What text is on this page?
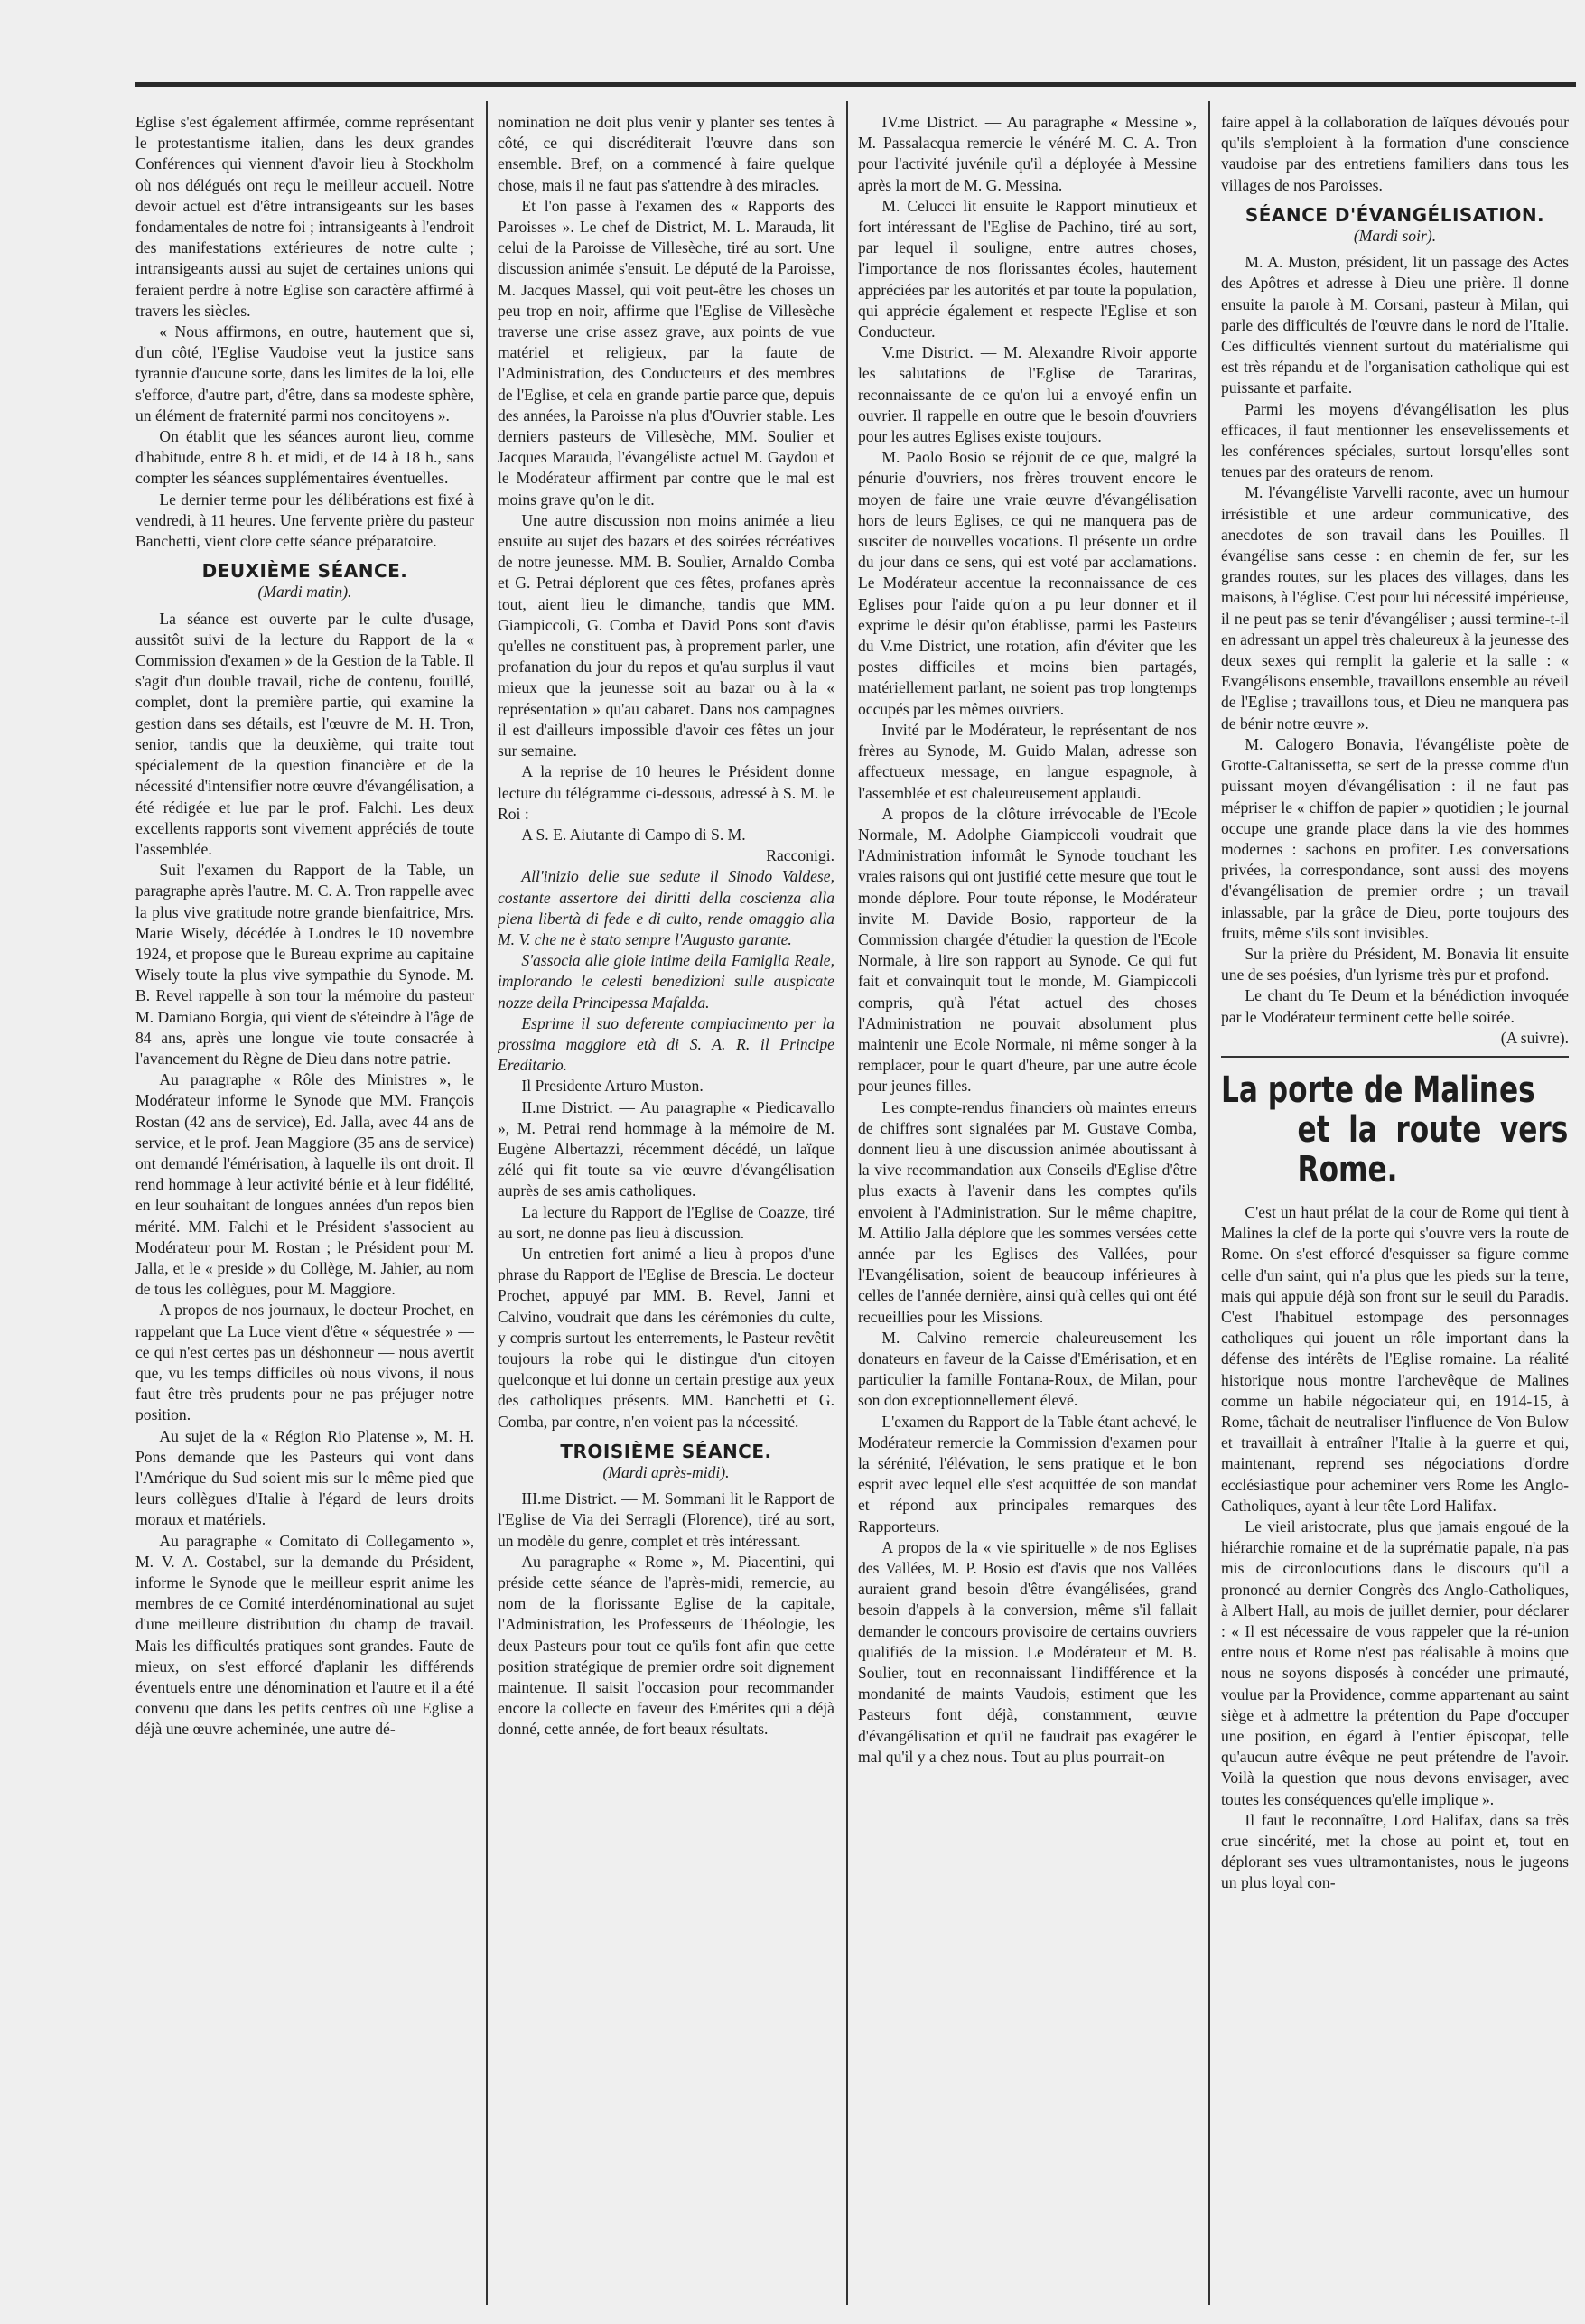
Eglise s'est également affirmée, comme représentant le protestantisme italien, dans les deux grandes Conférences qui viennent d'avoir lieu à Stockholm où nos délégués ont reçu le meilleur accueil. Notre devoir actuel est d'être intransigeants sur les bases fondamentales de notre foi ; intransigeants à l'endroit des manifestations extérieures de notre culte ; intransigeants aussi au sujet de certaines unions qui feraient perdre à notre Eglise son caractère affirmé à travers les siècles.

« Nous affirmons, en outre, hautement que si, d'un côté, l'Eglise Vaudoise veut la justice sans tyrannie d'aucune sorte, dans les limites de la loi, elle s'efforce, d'autre part, d'être, dans sa modeste sphère, un élément de fraternité parmi nos concitoyens ».

On établit que les séances auront lieu, comme d'habitude, entre 8 h. et midi, et de 14 à 18 h., sans compter les séances supplémentaires éventuelles.

Le dernier terme pour les délibérations est fixé à vendredi, à 11 heures. Une fervente prière du pasteur Banchetti, vient clore cette séance préparatoire.

DEUXIÈME SÉANCE.

(Mardi matin).

La séance est ouverte par le culte d'usage, aussitôt suivi de la lecture du Rapport de la « Commission d'examen » de la Gestion de la Table. Il s'agit d'un double travail, riche de contenu, fouillé, complet, dont la première partie, qui examine la gestion dans ses détails, est l'œuvre de M. H. Tron, senior, tandis que la deuxième, qui traite tout spécialement de la question financière et de la nécessité d'intensifier notre œuvre d'évangélisation, a été rédigée et lue par le prof. Falchi. Les deux excellents rapports sont vivement appréciés de toute l'assemblée.

Suit l'examen du Rapport de la Table, un paragraphe après l'autre. M. C. A. Tron rappelle avec la plus vive gratitude notre grande bienfaitrice, Mrs. Marie Wisely, décédée à Londres le 10 novembre 1924, et propose que le Bureau exprime au capitaine Wisely toute la plus vive sympathie du Synode. M. B. Revel rappelle à son tour la mémoire du pasteur M. Damiano Borgia, qui vient de s'éteindre à l'âge de 84 ans, après une longue vie toute consacrée à l'avancement du Règne de Dieu dans notre patrie.

Au paragraphe « Rôle des Ministres », le Modérateur informe le Synode que MM. François Rostan (42 ans de service), Ed. Jalla, avec 44 ans de service, et le prof. Jean Maggiore (35 ans de service) ont demandé l'émérisation, à laquelle ils ont droit. Il rend hommage à leur activité bénie et à leur fidélité, en leur souhaitant de longues années d'un repos bien mérité. MM. Falchi et le Président s'associent au Modérateur pour M. Rostan ; le Président pour M. Jalla, et le « preside » du Collège, M. Jahier, au nom de tous les collègues, pour M. Maggiore.

A propos de nos journaux, le docteur Prochet, en rappelant que La Luce vient d'être « séquestrée » — ce qui n'est certes pas un déshonneur — nous avertit que, vu les temps difficiles où nous vivons, il nous faut être très prudents pour ne pas préjuger notre position.

Au sujet de la « Région Rio Platense », M. H. Pons demande que les Pasteurs qui vont dans l'Amérique du Sud soient mis sur le même pied que leurs collègues d'Italie à l'égard de leurs droits moraux et matériels.

Au paragraphe « Comitato di Collegamento », M. V. A. Costabel, sur la demande du Président, informe le Synode que le meilleur esprit anime les membres de ce Comité interdénominational au sujet d'une meilleure distribution du champ de travail. Mais les difficultés pratiques sont grandes. Faute de mieux, on s'est efforcé d'aplanir les différends éventuels entre une dénomination et l'autre et il a été convenu que dans les petits centres où une Eglise a déjà une œuvre acheminée, une autre dé-

nomination ne doit plus venir y planter ses tentes à côté, ce qui discréditerait l'œuvre dans son ensemble. Bref, on a commencé à faire quelque chose, mais il ne faut pas s'attendre à des miracles.

Et l'on passe à l'examen des « Rapports des Paroisses ». Le chef de District, M. L. Marauda, lit celui de la Paroisse de Villesèche, tiré au sort. Une discussion animée s'ensuit. Le député de la Paroisse, M. Jacques Massel, qui voit peut-être les choses un peu trop en noir, affirme que l'Eglise de Villesèche traverse une crise assez grave, aux points de vue matériel et religieux, par la faute de l'Administration, des Conducteurs et des membres de l'Eglise, et cela en grande partie parce que, depuis des années, la Paroisse n'a plus d'Ouvrier stable. Les derniers pasteurs de Villesèche, MM. Soulier et Jacques Marauda, l'évangéliste actuel M. Gaydou et le Modérateur affirment par contre que le mal est moins grave qu'on le dit.

Une autre discussion non moins animée a lieu ensuite au sujet des bazars et des soirées récréatives de notre jeunesse. MM. B. Soulier, Arnaldo Comba et G. Petrai déplorent que ces fêtes, profanes après tout, aient lieu le dimanche, tandis que MM. Giampiccoli, G. Comba et David Pons sont d'avis qu'elles ne constituent pas, à proprement parler, une profanation du jour du repos et qu'au surplus il vaut mieux que la jeunesse soit au bazar ou à la « représentation » qu'au cabaret. Dans nos campagnes il est d'ailleurs impossible d'avoir ces fêtes un jour sur semaine.

A la reprise de 10 heures le Président donne lecture du télégramme ci-dessous, adressé à S. M. le Roi :

A S. E. Aiutante di Campo di S. M.

Racconigi.

All'inizio delle sue sedute il Sinodo Valdese, costante assertore dei diritti della coscienza alla piena libertà di fede e di culto, rende omaggio alla M. V. che ne è stato sempre l'Augusto garante.

S'associa alle gioie intime della Famiglia Reale, implorando le celesti benedizioni sulle auspicate nozze della Principessa Mafalda.

Esprime il suo deferente compiacimento per la prossima maggiore età di S. A. R. il Principe Ereditario.

Il Presidente Arturo Muston.

II.me District. — Au paragraphe « Piedicavallo », M. Petrai rend hommage à la mémoire de M. Eugène Albertazzi, récemment décédé, un laïque zélé qui fit toute sa vie œuvre d'évangélisation auprès de ses amis catholiques.

La lecture du Rapport de l'Eglise de Coazze, tiré au sort, ne donne pas lieu à discussion.

Un entretien fort animé a lieu à propos d'une phrase du Rapport de l'Eglise de Brescia. Le docteur Prochet, appuyé par MM. B. Revel, Janni et Calvino, voudrait que dans les cérémonies du culte, y compris surtout les enterrements, le Pasteur revêtit toujours la robe qui le distingue d'un citoyen quelconque et lui donne un certain prestige aux yeux des catholiques présents. MM. Banchetti et G. Comba, par contre, n'en voient pas la nécessité.

TROISIÈME SÉANCE.

(Mardi après-midi).

III.me District. — M. Sommani lit le Rapport de l'Eglise de Via dei Serragli (Florence), tiré au sort, un modèle du genre, complet et très intéressant.

Au paragraphe « Rome », M. Piacentini, qui préside cette séance de l'après-midi, remercie, au nom de la florissante Eglise de la capitale, l'Administration, les Professeurs de Théologie, les deux Pasteurs pour tout ce qu'ils font afin que cette position stratégique de premier ordre soit dignement maintenue. Il saisit l'occasion pour recommander encore la collecte en faveur des Emérites qui a déjà donné, cette année, de fort beaux résultats.

IV.me District. — Au paragraphe « Messine », M. Passalacqua remercie le vénéré M. C. A. Tron pour l'activité juvénile qu'il a déployée à Messine après la mort de M. G. Messina.

M. Celucci lit ensuite le Rapport minutieux et fort intéressant de l'Eglise de Pachino, tiré au sort, par lequel il souligne, entre autres choses, l'importance de nos florissantes écoles, hautement appréciées par les autorités et par toute la population, qui apprécie également et respecte l'Eglise et son Conducteur.

V.me District. — M. Alexandre Rivoir apporte les salutations de l'Eglise de Tarariras, reconnaissante de ce qu'on lui a envoyé enfin un ouvrier. Il rappelle en outre que le besoin d'ouvriers pour les autres Eglises existe toujours.

M. Paolo Bosio se réjouit de ce que, malgré la pénurie d'ouvriers, nos frères trouvent encore le moyen de faire une vraie œuvre d'évangélisation hors de leurs Eglises, ce qui ne manquera pas de susciter de nouvelles vocations. Il présente un ordre du jour dans ce sens, qui est voté par acclamations. Le Modérateur accentue la reconnaissance de ces Eglises pour l'aide qu'on a pu leur donner et il exprime le désir qu'on établisse, parmi les Pasteurs du V.me District, une rotation, afin d'éviter que les postes difficiles et moins bien partagés, matériellement parlant, ne soient pas trop longtemps occupés par les mêmes ouvriers.

Invité par le Modérateur, le représentant de nos frères au Synode, M. Guido Malan, adresse son affectueux message, en langue espagnole, à l'assemblée et est chaleureusement applaudi.

A propos de la clôture irrévocable de l'Ecole Normale, M. Adolphe Giampiccoli voudrait que l'Administration informât le Synode touchant les vraies raisons qui ont justifié cette mesure que tout le monde déplore. Pour toute réponse, le Modérateur invite M. Davide Bosio, rapporteur de la Commission chargée d'étudier la question de l'Ecole Normale, à lire son rapport au Synode. Ce qui fut fait et convainquit tout le monde, M. Giampiccoli compris, qu'à l'état actuel des choses l'Administration ne pouvait absolument plus maintenir une Ecole Normale, ni même songer à la remplacer, pour le quart d'heure, par une autre école pour jeunes filles.

Les compte-rendus financiers où maintes erreurs de chiffres sont signalées par M. Gustave Comba, donnent lieu à une discussion animée aboutissant à la vive recommandation aux Conseils d'Eglise d'être plus exacts à l'avenir dans les comptes qu'ils envoient à l'Administration. Sur le même chapitre, M. Attilio Jalla déplore que les sommes versées cette année par les Eglises des Vallées, pour l'Evangélisation, soient de beaucoup inférieures à celles de l'année dernière, ainsi qu'à celles qui ont été recueillies pour les Missions.

M. Calvino remercie chaleureusement les donateurs en faveur de la Caisse d'Emérisation, et en particulier la famille Fontana-Roux, de Milan, pour son don exceptionnellement élevé.

L'examen du Rapport de la Table étant achevé, le Modérateur remercie la Commission d'examen pour la sérénité, l'élévation, le sens pratique et le bon esprit avec lequel elle s'est acquittée de son mandat et répond aux principales remarques des Rapporteurs.

A propos de la « vie spirituelle » de nos Eglises des Vallées, M. P. Bosio est d'avis que nos Vallées auraient grand besoin d'être évangélisées, grand besoin d'appels à la conversion, même s'il fallait demander le concours provisoire de certains ouvriers qualifiés de la mission. Le Modérateur et M. B. Soulier, tout en reconnaissant l'indifférence et la mondanité de maints Vaudois, estiment que les Pasteurs font déjà, constamment, œuvre d'évangélisation et qu'il ne faudrait pas exagérer le mal qu'il y a chez nous. Tout au plus pourrait-on

faire appel à la collaboration de laïques dévoués pour qu'ils s'emploient à la formation d'une conscience vaudoise par des entretiens familiers dans tous les villages de nos Paroisses.

SÉANCE D'ÉVANGÉLISATION.

(Mardi soir).

M. A. Muston, président, lit un passage des Actes des Apôtres et adresse à Dieu une prière. Il donne ensuite la parole à M. Corsani, pasteur à Milan, qui parle des difficultés de l'œuvre dans le nord de l'Italie. Ces difficultés viennent surtout du matérialisme qui est très répandu et de l'organisation catholique qui est puissante et parfaite.

Parmi les moyens d'évangélisation les plus efficaces, il faut mentionner les ensevelissements et les conférences spéciales, surtout lorsqu'elles sont tenues par des orateurs de renom.

M. l'évangéliste Varvelli raconte, avec un humour irrésistible et une ardeur communicative, des anecdotes de son travail dans les Pouilles. Il évangélise sans cesse : en chemin de fer, sur les grandes routes, sur les places des villages, dans les maisons, à l'église. C'est pour lui nécessité impérieuse, il ne peut pas se tenir d'évangéliser ; aussi termine-t-il en adressant un appel très chaleureux à la jeunesse des deux sexes qui remplit la galerie et la salle : « Evangélisons ensemble, travaillons ensemble au réveil de l'Eglise ; travaillons tous, et Dieu ne manquera pas de bénir notre œuvre ».

M. Calogero Bonavia, l'évangéliste poète de Grotte-Caltanissetta, se sert de la presse comme d'un puissant moyen d'évangélisation : il ne faut pas mépriser le « chiffon de papier » quotidien ; le journal occupe une grande place dans la vie des hommes modernes : sachons en profiter. Les conversations privées, la correspondance, sont aussi des moyens d'évangélisation de premier ordre ; un travail inlassable, par la grâce de Dieu, porte toujours des fruits, même s'ils sont invisibles.

Sur la prière du Président, M. Bonavia lit ensuite une de ses poésies, d'un lyrisme très pur et profond.

Le chant du Te Deum et la bénédiction invoquée par le Modérateur terminent cette belle soirée.

(A suivre).

La porte de Malines
et la route vers Rome.

C'est un haut prélat de la cour de Rome qui tient à Malines la clef de la porte qui s'ouvre vers la route de Rome. On s'est efforcé d'esquisser sa figure comme celle d'un saint, qui n'a plus que les pieds sur la terre, mais qui appuie déjà son front sur le seuil du Paradis. C'est l'habituel estompage des personnages catholiques qui jouent un rôle important dans la défense des intérêts de l'Eglise romaine. La réalité historique nous montre l'archevêque de Malines comme un habile négociateur qui, en 1914-15, à Rome, tâchait de neutraliser l'influence de Von Bulow et travaillait à entraîner l'Italie à la guerre et qui, maintenant, reprend ses négociations d'ordre ecclésiastique pour acheminer vers Rome les Anglo-Catholiques, ayant à leur tête Lord Halifax.

Le vieil aristocrate, plus que jamais engoué de la hiérarchie romaine et de la suprématie papale, n'a pas mis de circonlocutions dans le discours qu'il a prononcé au dernier Congrès des Anglo-Catholiques, à Albert Hall, au mois de juillet dernier, pour déclarer : « Il est nécessaire de vous rappeler que la ré-union entre nous et Rome n'est pas réalisable à moins que nous ne soyons disposés à concéder une primauté, voulue par la Providence, comme appartenant au saint siège et à admettre la prétention du Pape d'occuper une position, en égard à l'entier épiscopat, telle qu'aucun autre évêque ne peut prétendre de l'avoir. Voilà la question que nous devons envisager, avec toutes les conséquences qu'elle implique ».

Il faut le reconnaître, Lord Halifax, dans sa très crue sincérité, met la chose au point et, tout en déplorant ses vues ultramontanistes, nous le jugeons un plus loyal con-
